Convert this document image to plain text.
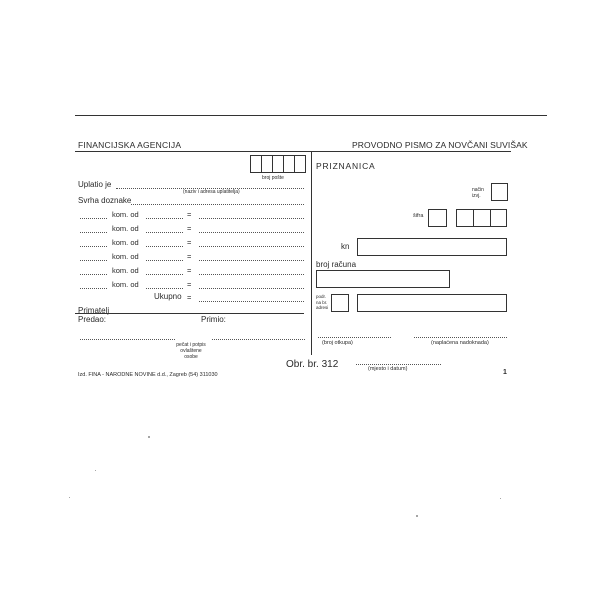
FINANCIJSKA AGENCIJA	PROVODNO PISMO ZA NOVČANI SUVIŠAK
broj pošte
Uplatio je
(naziv i adresa uplatitelja)
Svrha doznake
kom. od	=
kom. od	=
kom. od	=
kom. od	=
kom. od	=
kom. od	=
Ukupno =
Primatelj
Predao:	Primio:
pečat i potpis ovlaštene osobe
Obr. br. 312
Izd. FINA - NARODNE NOVINE d.d., Zagreb (54) 311030
PRIZNANICA
način izvj.
šifra
kn
broj računa
podr. na br. adresi
(broj otkupa)	(naplaćena nadoknada)
(mjesto i datum)	1
